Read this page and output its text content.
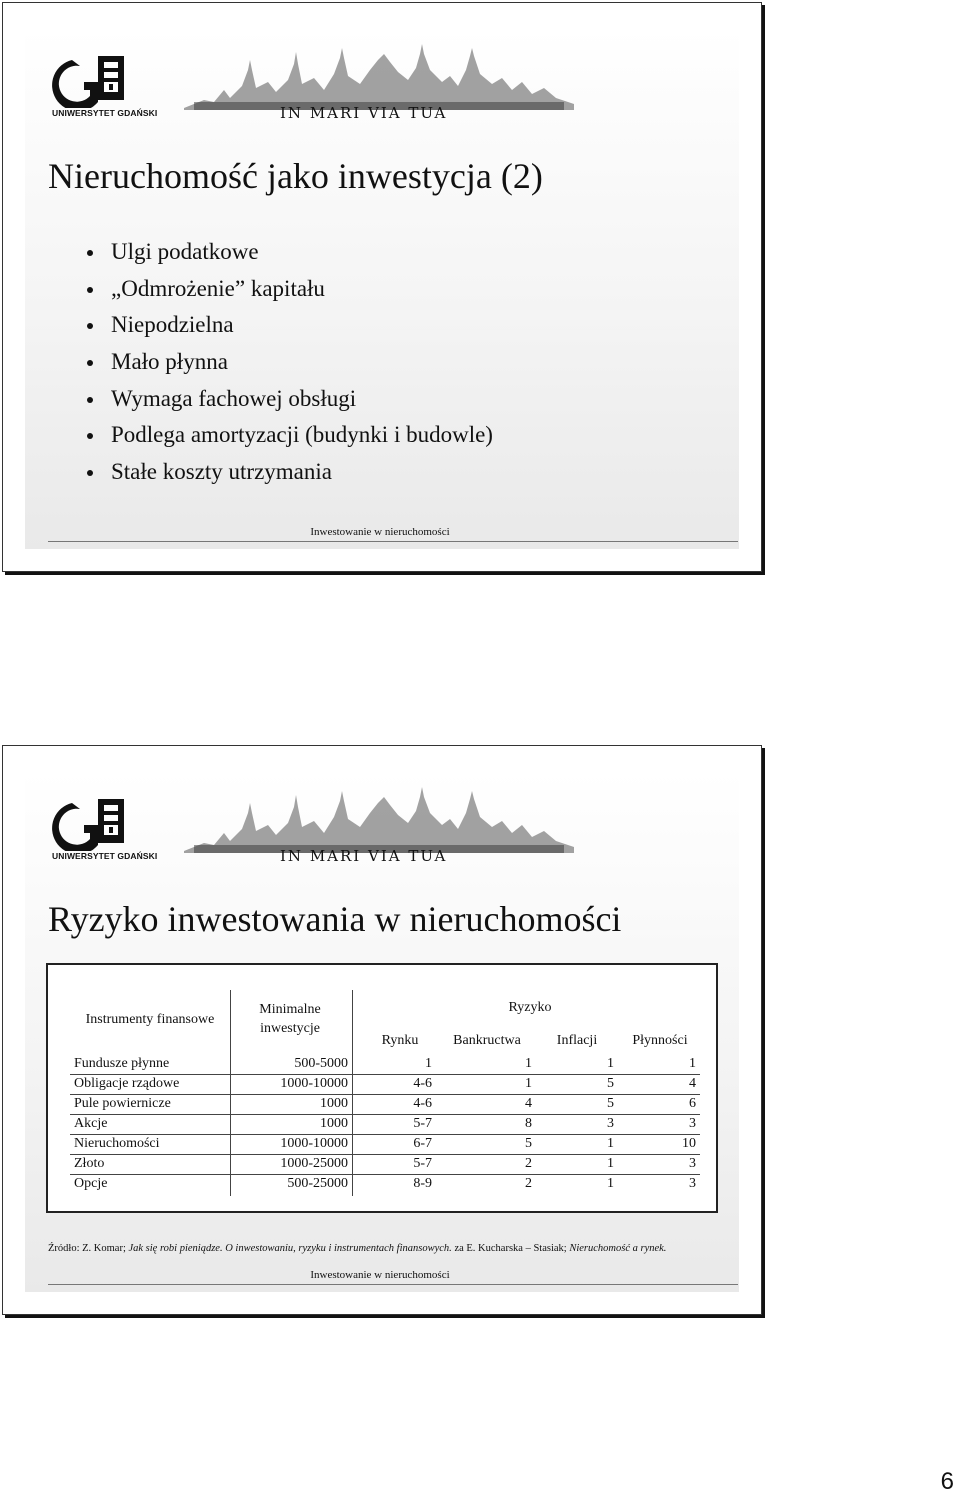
UNIWERSYTET GDAŃSKI	IN MARI VIA TUA
Nieruchomość jako inwestycja (2)
Ulgi podatkowe
„Odmrożenie” kapitału
Niepodzielna
Mało płynna
Wymaga fachowej obsługi
Podlega amortyzacji (budynki i budowle)
Stałe koszty utrzymania
Inwestowanie w nieruchomości
UNIWERSYTET GDAŃSKI	IN MARI VIA TUA
Ryzyko inwestowania w nieruchomości
Instrumenty finansowe
Minimalne inwestycje
Ryzyko
Rynku	Bankructwa	Inflacji	Płynności
Fundusze płynne	500-5000	1	1	1	1
Obligacje rządowe	1000-10000	4-6	1	5	4
Pule powiernicze	1000	4-6	4	5	6
Akcje	1000	5-7	8	3	3
Nieruchomości	1000-10000	6-7	5	1	10
Złoto	1000-25000	5-7	2	1	3
Opcje	500-25000	8-9	2	1	3
Źródło: Z. Komar; Jak się robi pieniądze. O inwestowaniu, ryzyku i instrumentach finansowych. za E. Kucharska – Stasiak; Nieruchomość a rynek.
Inwestowanie w nieruchomości
6
